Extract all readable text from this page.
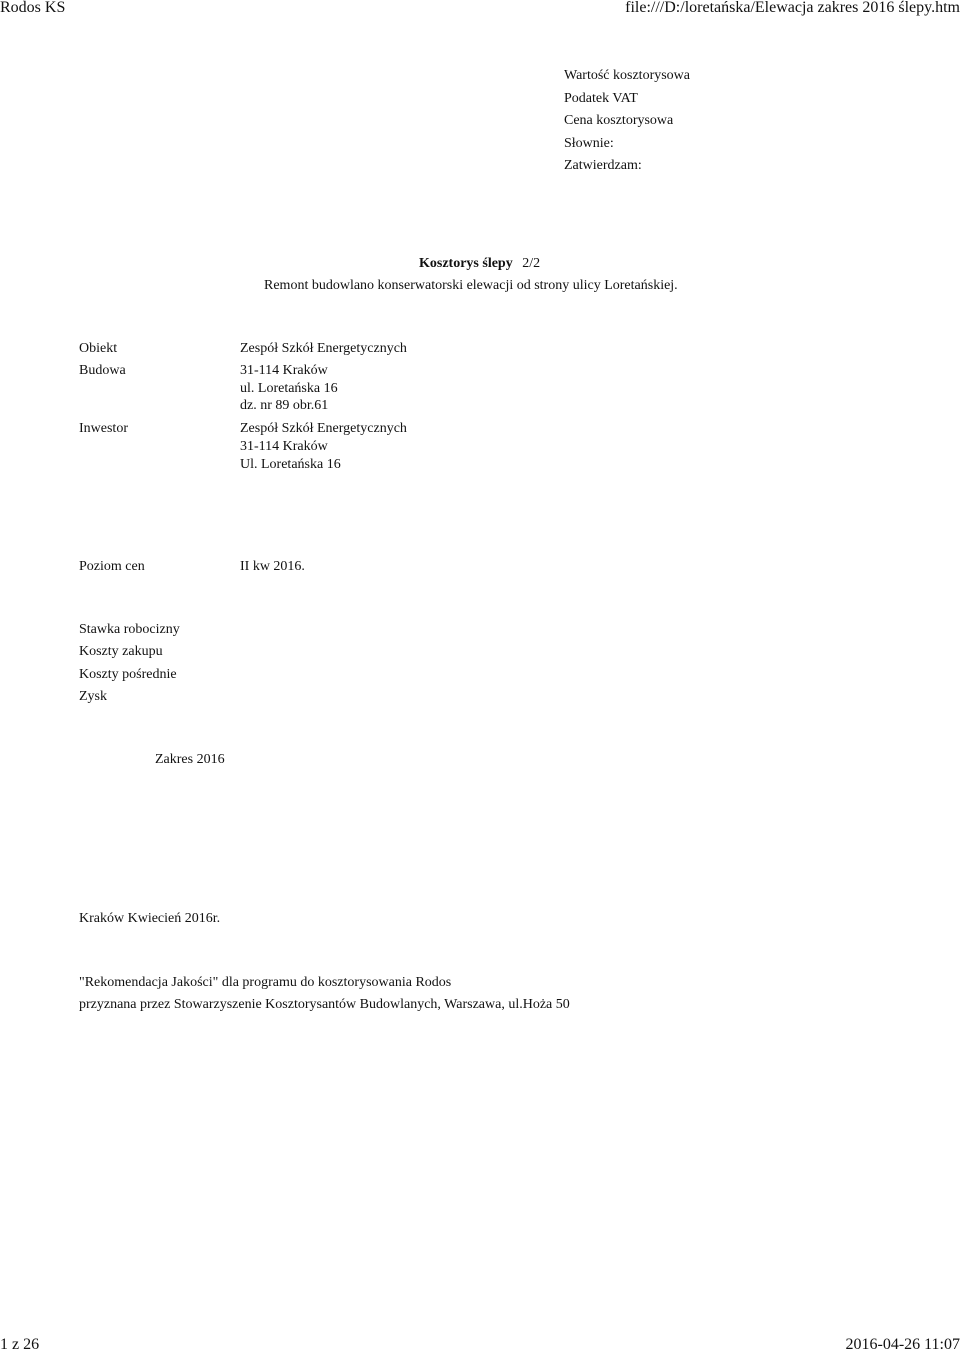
Rodos KS	file:///D:/loretańska/Elewacja zakres 2016 ślepy.htm
Wartość kosztorysowa
Podatek VAT
Cena kosztorysowa
Słownie:
Zatwierdzam:
Kosztorys ślepy 2/2
Remont budowlano konserwatorski elewacji od strony ulicy Loretańskiej.
Obiekt	Zespół Szkół Energetycznych
Budowa	31-114 Kraków
ul. Loretańska 16
dz. nr 89 obr.61
Inwestor	Zespół Szkół Energetycznych
31-114 Kraków
Ul. Loretańska 16
Poziom cen	II kw 2016.
Stawka robocizny
Koszty zakupu
Koszty pośrednie
Zysk
Zakres 2016
Kraków Kwiecień 2016r.
"Rekomendacja Jakości" dla programu do kosztorysowania Rodos
przyznana przez Stowarzyszenie Kosztorysantów Budowlanych, Warszawa, ul.Hoża 50
1 z 26	2016-04-26 11:07
